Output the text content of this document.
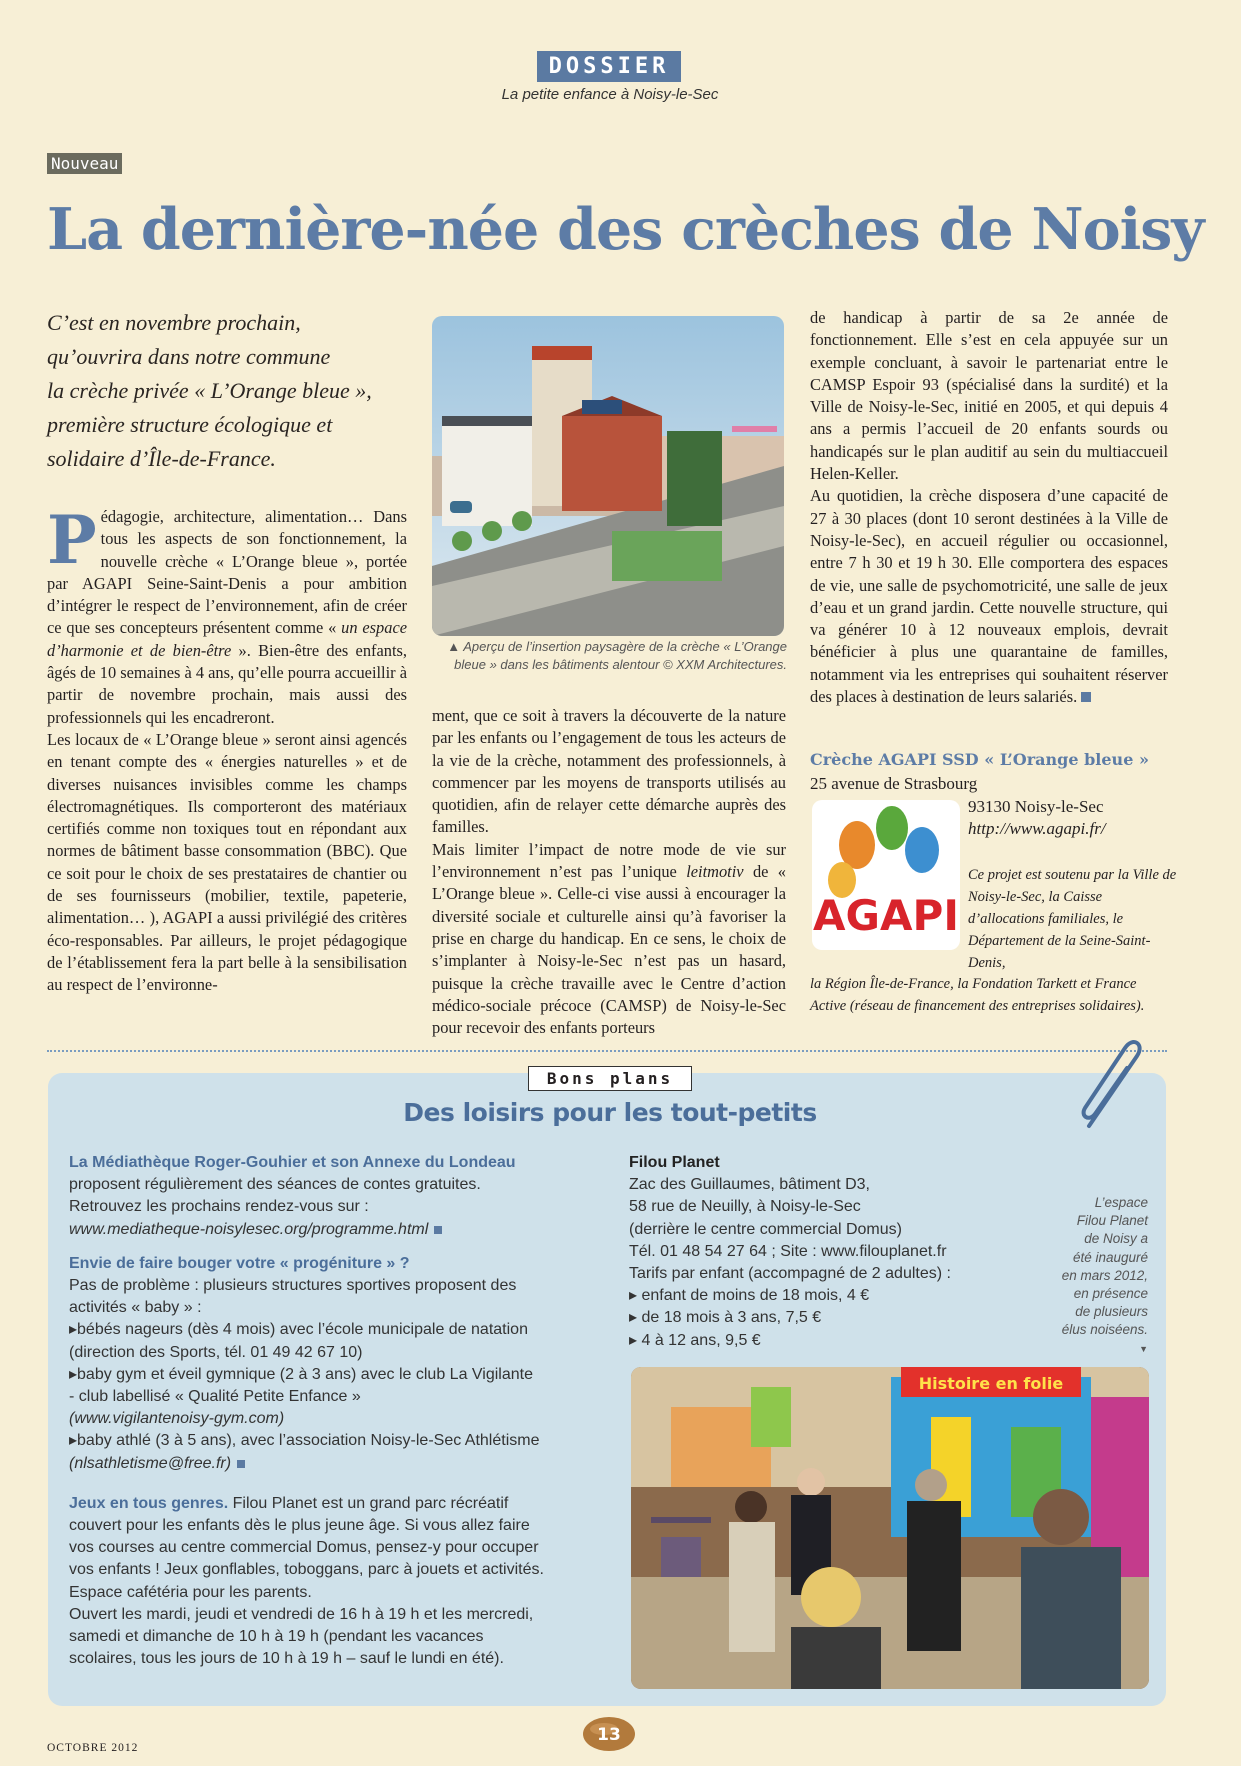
DOSSIER
La petite enfance à Noisy-le-Sec
Nouveau
La dernière-née des crèches de Noisy
C’est en novembre prochain,
qu’ouvrira dans notre commune
la crèche privée « L’Orange bleue »,
première structure écologique et
solidaire d’Île-de-France.

Pédagogie, architecture, alimentation… Dans tous les aspects de son fonctionnement, la nouvelle crèche « L’Orange bleue », portée par AGAPI Seine-Saint-Denis a pour ambition d’intégrer le respect de l’environnement, afin de créer ce que ses concepteurs présentent comme « un espace d’harmonie et de bien-être ». Bien-être des enfants, âgés de 10 semaines à 4 ans, qu’elle pourra accueillir à partir de novembre prochain, mais aussi des professionnels qui les encadreront.

Les locaux de « L’Orange bleue » seront ainsi agencés en tenant compte des « énergies naturelles » et de diverses nuisances invisibles comme les champs électromagnétiques. Ils comporteront des matériaux certifiés comme non toxiques tout en répondant aux normes de bâtiment basse consommation (BBC). Que ce soit pour le choix de ses prestataires de chantier ou de ses fournisseurs (mobilier, textile, papeterie, alimentation… ), AGAPI a aussi privilégié des critères éco-responsables. Par ailleurs, le projet pédagogique de l’établissement fera la part belle à la sensibilisation au respect de l’environne-

▲ Aperçu de l’insertion paysagère de la crèche « L’Orange bleue » dans les bâtiments alentour © XXM Architectures.

ment, que ce soit à travers la découverte de la nature par les enfants ou l’engagement de tous les acteurs de la vie de la crèche, notamment des professionnels, à commencer par les moyens de transports utilisés au quotidien, afin de relayer cette démarche auprès des familles.

Mais limiter l’impact de notre mode de vie sur l’environnement n’est pas l’unique leitmotiv de « L’Orange bleue ». Celle-ci vise aussi à encourager la diversité sociale et culturelle ainsi qu’à favoriser la prise en charge du handicap. En ce sens, le choix de s’implanter à Noisy-le-Sec n’est pas un hasard, puisque la crèche travaille avec le Centre d’action médico-sociale précoce (CAMSP) de Noisy-le-Sec pour recevoir des enfants porteurs

de handicap à partir de sa 2e année de fonctionnement. Elle s’est en cela appuyée sur un exemple concluant, à savoir le partenariat entre le CAMSP Espoir 93 (spécialisé dans la surdité) et la Ville de Noisy-le-Sec, initié en 2005, et qui depuis 4 ans a permis l’accueil de 20 enfants sourds ou handicapés sur le plan auditif au sein du multiaccueil Helen-Keller.

Au quotidien, la crèche disposera d’une capacité de 27 à 30 places (dont 10 seront destinées à la Ville de Noisy-le-Sec), en accueil régulier ou occasionnel, entre 7 h 30 et 19 h 30. Elle comportera des espaces de vie, une salle de psychomotricité, une salle de jeux d’eau et un grand jardin. Cette nouvelle structure, qui va générer 10 à 12 nouveaux emplois, devrait bénéficier à plus une quarantaine de familles, notamment via les entreprises qui souhaitent réserver des places à destination de leurs salariés.

Crèche AGAPI SSD « L’Orange bleue »
25 avenue de Strasbourg
AGAPI
93130 Noisy-le-Sec
http://www.agapi.fr/
Ce projet est soutenu par la Ville de Noisy-le-Sec, la Caisse d’allocations familiales, le Département de la Seine-Saint-Denis,
la Région Île-de-France, la Fondation Tarkett et France Active (réseau de financement des entreprises solidaires).
Bons plans
Des loisirs pour les tout-petits
La Médiathèque Roger-Gouhier et son Annexe du Londeau
proposent régulièrement des séances de contes gratuites.
Retrouvez les prochains rendez-vous sur :
www.mediatheque-noisylesec.org/programme.html
Envie de faire bouger votre « progéniture » ?
Pas de problème : plusieurs structures sportives proposent des
activités « baby » :
▸bébés nageurs (dès 4 mois) avec l’école municipale de natation
(direction des Sports, tél. 01 49 42 67 10)
▸baby gym et éveil gymnique (2 à 3 ans) avec le club La Vigilante
- club labellisé « Qualité Petite Enfance »
(www.vigilantenoisy-gym.com)
▸baby athlé (3 à 5 ans), avec l’association Noisy-le-Sec Athlétisme
(nlsathletisme@free.fr)
Jeux en tous genres. Filou Planet est un grand parc récréatif
couvert pour les enfants dès le plus jeune âge. Si vous allez faire
vos courses au centre commercial Domus, pensez-y pour occuper
vos enfants ! Jeux gonflables, toboggans, parc à jouets et activités.
Espace cafétéria pour les parents.
Ouvert les mardi, jeudi et vendredi de 16 h à 19 h et les mercredi,
samedi et dimanche de 10 h à 19 h (pendant les vacances
scolaires, tous les jours de 10 h à 19 h – sauf le lundi en été).
Filou Planet
Zac des Guillaumes, bâtiment D3,
58 rue de Neuilly, à Noisy-le-Sec
(derrière le centre commercial Domus)
Tél. 01 48 54 27 64 ; Site : www.filouplanet.fr
Tarifs par enfant (accompagné de 2 adultes) :
▸ enfant de moins de 18 mois, 4 €
▸ de 18 mois à 3 ans, 7,5 €
▸ 4 à 12 ans, 9,5 €
L’espace
Filou Planet
de Noisy a
été inauguré
en mars 2012,
en présence
de plusieurs
élus noiséens.
▼
Histoire en folie
OCTOBRE 2012
13
